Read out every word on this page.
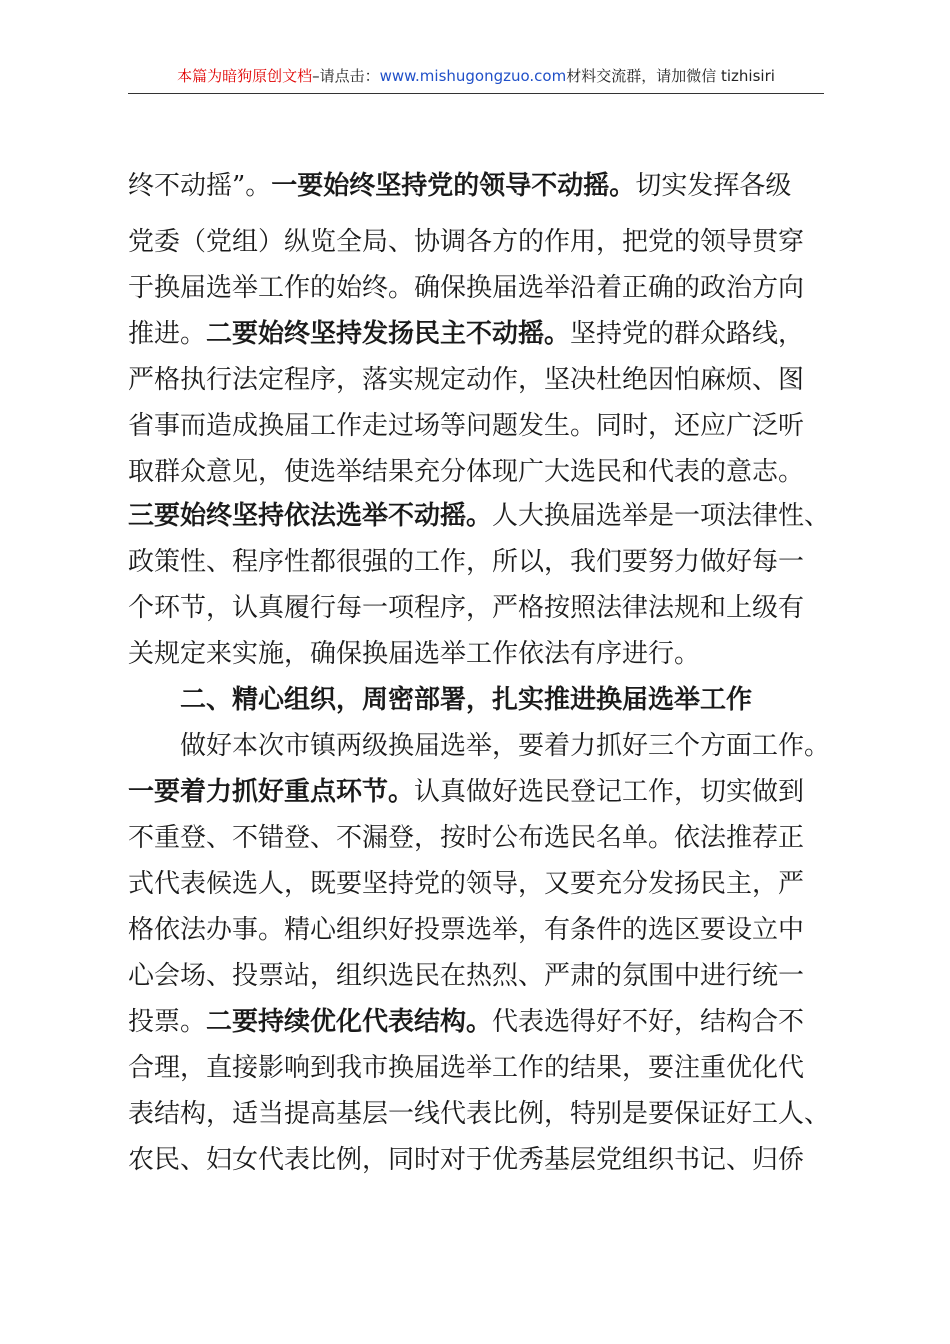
本篇为暗狗原创文档–请点击：www.mishugongzuo.com材料交流群，请加微信 tizhisiri
终不动摇”。一要始终坚持党的领导不动摇。切实发挥各级
党委（党组）纵览全局、协调各方的作用，把党的领导贯穿
于换届选举工作的始终。确保换届选举沿着正确的政治方向
推进。二要始终坚持发扬民主不动摇。坚持党的群众路线，
严格执行法定程序，落实规定动作，坚决杜绝因怕麻烦、图
省事而造成换届工作走过场等问题发生。同时，还应广泛听
取群众意见，使选举结果充分体现广大选民和代表的意志。
三要始终坚持依法选举不动摇。人大换届选举是一项法律性、
政策性、程序性都很强的工作，所以，我们要努力做好每一
个环节，认真履行每一项程序，严格按照法律法规和上级有
关规定来实施，确保换届选举工作依法有序进行。
二、精心组织，周密部署，扎实推进换届选举工作
做好本次市镇两级换届选举，要着力抓好三个方面工作。
一要着力抓好重点环节。认真做好选民登记工作，切实做到
不重登、不错登、不漏登，按时公布选民名单。依法推荐正
式代表候选人，既要坚持党的领导，又要充分发扬民主，严
格依法办事。精心组织好投票选举，有条件的选区要设立中
心会场、投票站，组织选民在热烈、严肃的氛围中进行统一
投票。二要持续优化代表结构。代表选得好不好，结构合不
合理，直接影响到我市换届选举工作的结果，要注重优化代
表结构，适当提高基层一线代表比例，特别是要保证好工人、
农民、妇女代表比例，同时对于优秀基层党组织书记、归侨
